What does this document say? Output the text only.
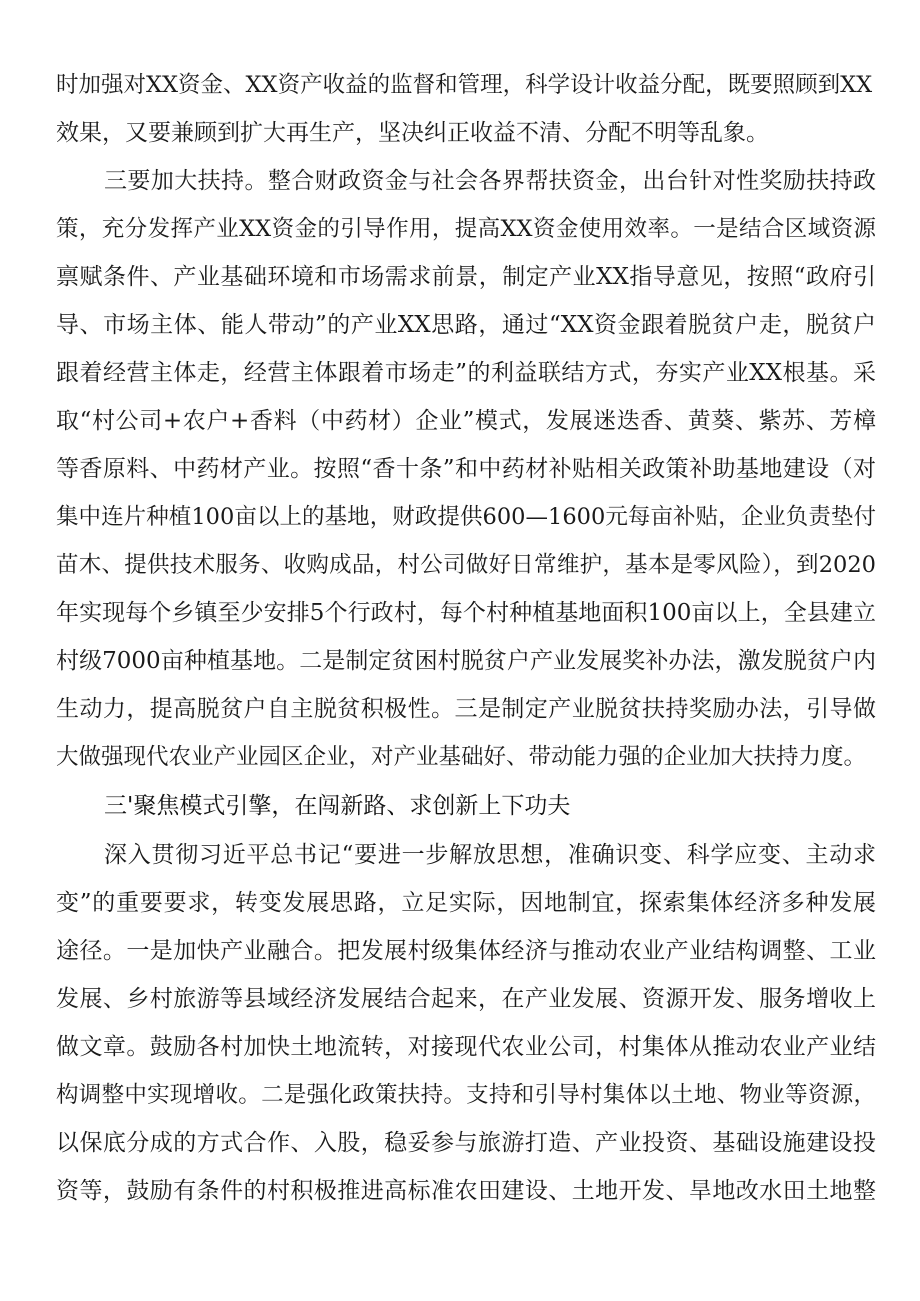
时加强对XX资金、XX资产收益的监督和管理，科学设计收益分配，既要照顾到XX
效果，又要兼顾到扩大再生产，坚决纠正收益不清、分配不明等乱象。
三要加大扶持。整合财政资金与社会各界帮扶资金，出台针对性奖励扶持政
策，充分发挥产业XX资金的引导作用，提高XX资金使用效率。一是结合区域资源
禀赋条件、产业基础环境和市场需求前景，制定产业XX指导意见，按照“政府引
导、市场主体、能人带动”的产业XX思路，通过“XX资金跟着脱贫户走，脱贫户
跟着经营主体走，经营主体跟着市场走”的利益联结方式，夯实产业XX根基。采
取“村公司+农户+香料（中药材）企业”模式，发展迷迭香、黄葵、紫苏、芳樟
等香原料、中药材产业。按照“香十条”和中药材补贴相关政策补助基地建设（对
集中连片种植100亩以上的基地，财政提供600—1600元每亩补贴，企业负责垫付
苗木、提供技术服务、收购成品，村公司做好日常维护，基本是零风险），到2020
年实现每个乡镇至少安排5个行政村，每个村种植基地面积100亩以上，全县建立
村级7000亩种植基地。二是制定贫困村脱贫户产业发展奖补办法，激发脱贫户内
生动力，提高脱贫户自主脱贫积极性。三是制定产业脱贫扶持奖励办法，引导做
大做强现代农业产业园区企业，对产业基础好、带动能力强的企业加大扶持力度。
三'聚焦模式引擎，在闯新路、求创新上下功夫
深入贯彻习近平总书记“要进一步解放思想，准确识变、科学应变、主动求
变”的重要要求，转变发展思路，立足实际，因地制宜，探索集体经济多种发展
途径。一是加快产业融合。把发展村级集体经济与推动农业产业结构调整、工业
发展、乡村旅游等县域经济发展结合起来，在产业发展、资源开发、服务增收上
做文章。鼓励各村加快土地流转，对接现代农业公司，村集体从推动农业产业结
构调整中实现增收。二是强化政策扶持。支持和引导村集体以土地、物业等资源，
以保底分成的方式合作、入股，稳妥参与旅游打造、产业投资、基础设施建设投
资等，鼓励有条件的村积极推进高标准农田建设、土地开发、旱地改水田土地整
